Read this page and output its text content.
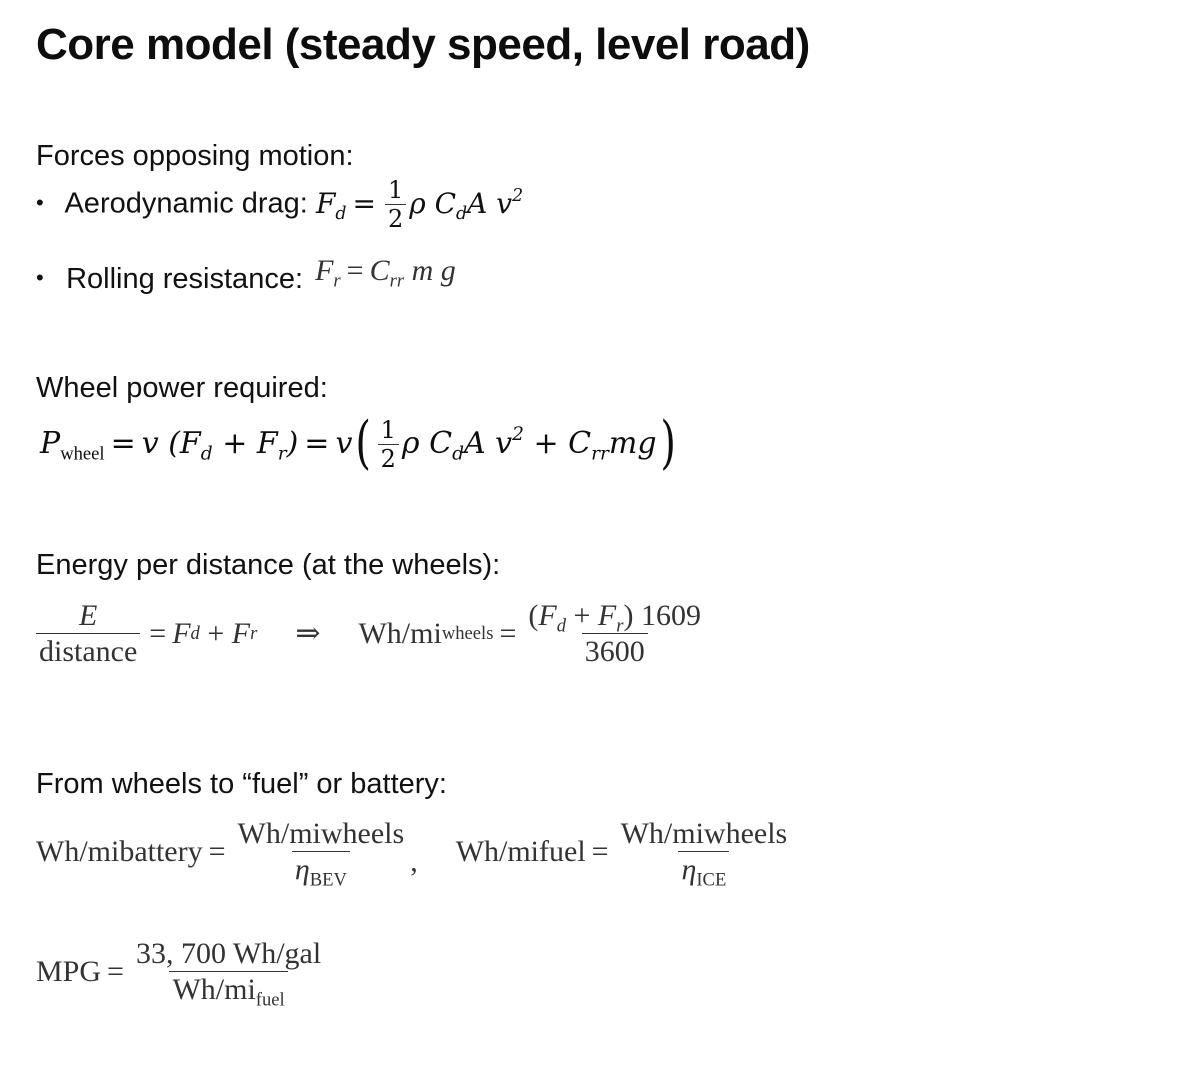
Core model (steady speed, level road)
Forces opposing motion:
• Aerodynamic drag: $F_d = \frac{1}{2}$ ρ $C_dA$ $v^2$
• Rolling resistance: $F_r = C_{rr}$ m g
Wheel power required:
$P_{wheel} = v$ $(F_d + F_r) = v( \frac{1}{2}$ ρ $C_dA$ $v^2 + C_{rr}mg$)
Energy per distance (at the wheels):
$\frac{E}{\text{distance}} = F$ d + F r	⇒	Wh/mi wheels = $\frac{(F_d + F_r) 1609}{3600}$
From wheels to “fuel” or battery:
Wh/mibattery = $\frac{\text{Wh/miwheels}}{\eta_{BEV}}$ ,	Wh/mifuel = $\frac{\text{Wh/miwheels}}{\eta_{ICE}}$
MPG = $\frac{\text{33, 700 Wh/gal}}{Wh/mi_{fuel}}$
